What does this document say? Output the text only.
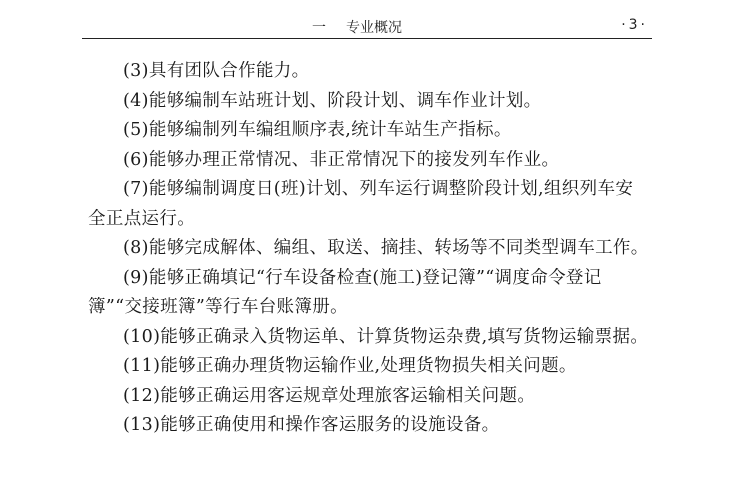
一 专业概况	·3·

(3)具有团队合作能力。

(4)能够编制车站班计划、阶段计划、调车作业计划。

(5)能够编制列车编组顺序表,统计车站生产指标。

(6)能够办理正常情况、非正常情况下的接发列车作业。

(7)能够编制调度日(班)计划、列车运行调整阶段计划,组织列车安全正点运行。

(8)能够完成解体、编组、取送、摘挂、转场等不同类型调车工作。

(9)能够正确填记“行车设备检查(施工)登记簿”“调度命令登记簿”“交接班簿”等行车台账簿册。

(10)能够正确录入货物运单、计算货物运杂费,填写货物运输票据。

(11)能够正确办理货物运输作业,处理货物损失相关问题。

(12)能够正确运用客运规章处理旅客运输相关问题。

(13)能够正确使用和操作客运服务的设施设备。
